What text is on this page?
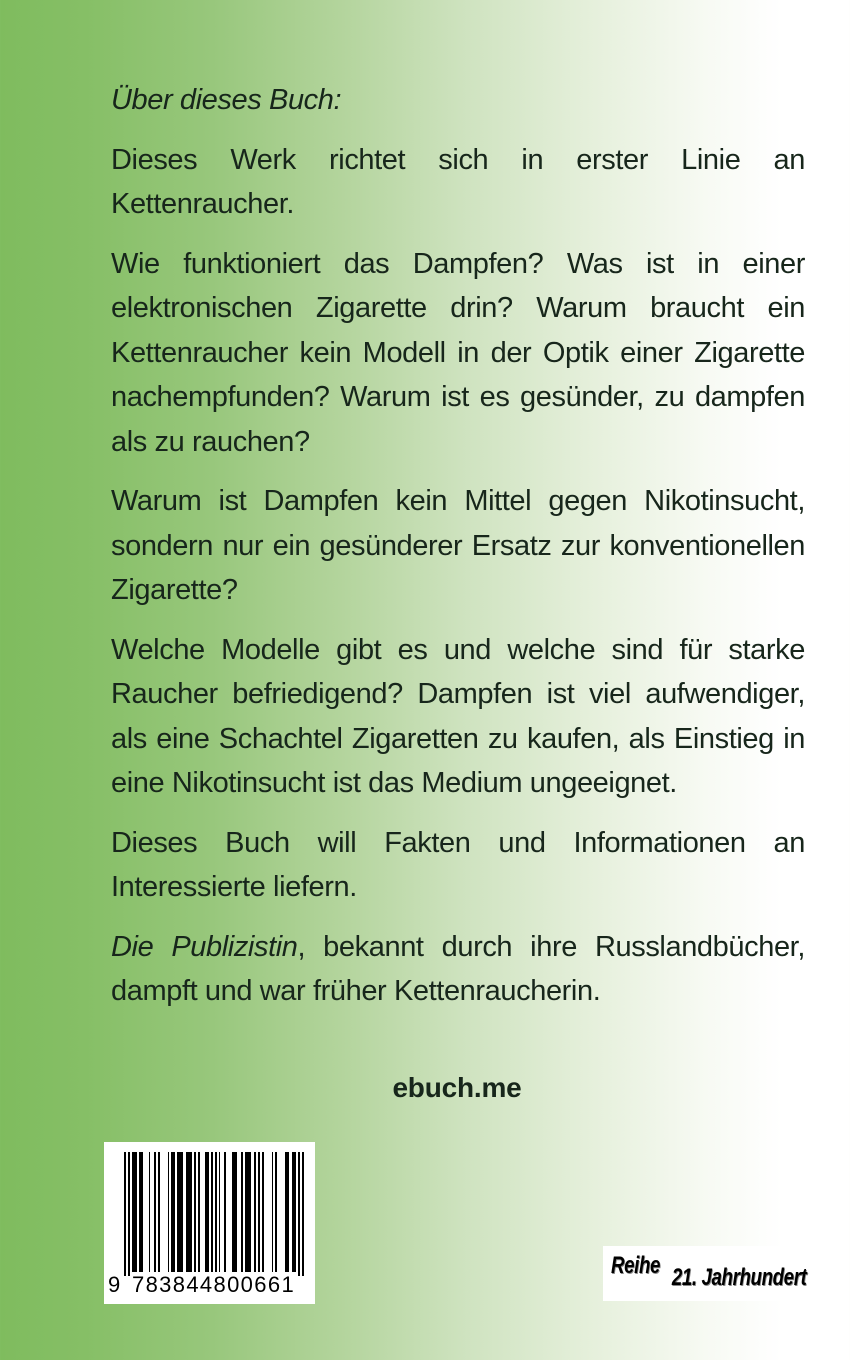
Über dieses Buch:

Dieses Werk richtet sich in erster Linie an Kettenraucher.

Wie funktioniert das Dampfen? Was ist in einer elektronischen Zigarette drin? Warum braucht ein Kettenraucher kein Modell in der Optik einer Zigarette nachempfunden? Warum ist es gesünder, zu dampfen als zu rauchen?

Warum ist Dampfen kein Mittel gegen Nikotinsucht, sondern nur ein gesünderer Ersatz zur konventionellen Zigarette?

Welche Modelle gibt es und welche sind für starke Raucher befriedigend? Dampfen ist viel aufwendiger, als eine Schachtel Zigaretten zu kaufen, als Einstieg in eine Nikotinsucht ist das Medium ungeeignet.

Dieses Buch will Fakten und Informationen an Interessierte liefern.

Die Publizistin, bekannt durch ihre Russlandbücher, dampft und war früher Kettenraucherin.

ebuch.me
9 783844800661
Reihe 21. Jahrhundert
